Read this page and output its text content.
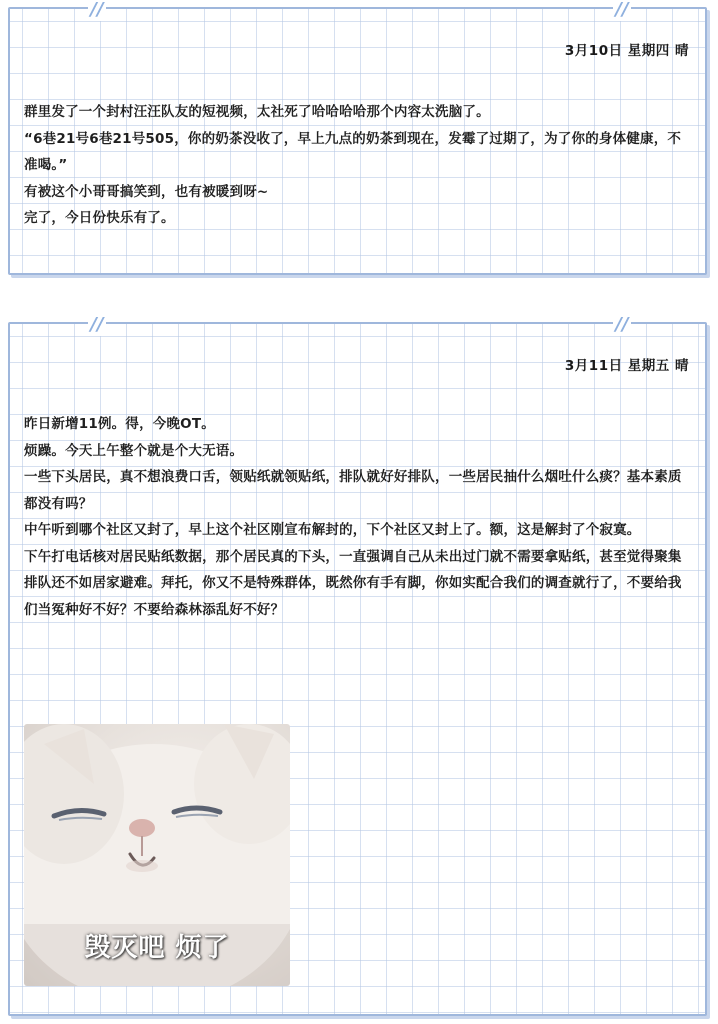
//	//
3月10日 星期四 晴

群里发了一个封村汪汪队友的短视频，太社死了哈哈哈哈那个内容太洗脑了。

“6巷21号6巷21号505，你的奶茶没收了，早上九点的奶茶到现在，发霉了过期了，为了你的身体健康，不准喝。”

有被这个小哥哥搞笑到，也有被暖到呀~

完了，今日份快乐有了。

//	//
3月11日 星期五 晴

昨日新增11例。得，今晚OT。

烦躁。今天上午整个就是个大无语。

一些下头居民，真不想浪费口舌，领贴纸就领贴纸，排队就好好排队，一些居民抽什么烟吐什么痰？基本素质都没有吗？

中午听到哪个社区又封了，早上这个社区刚宣布解封的，下个社区又封上了。额，这是解封了个寂寞。

下午打电话核对居民贴纸数据，那个居民真的下头，一直强调自己从未出过门就不需要拿贴纸，甚至觉得聚集排队还不如居家避难。拜托，你又不是特殊群体，既然你有手有脚，你如实配合我们的调查就行了，不要给我们当冤种好不好？不要给森林添乱好不好？

毁灭吧 烦了
